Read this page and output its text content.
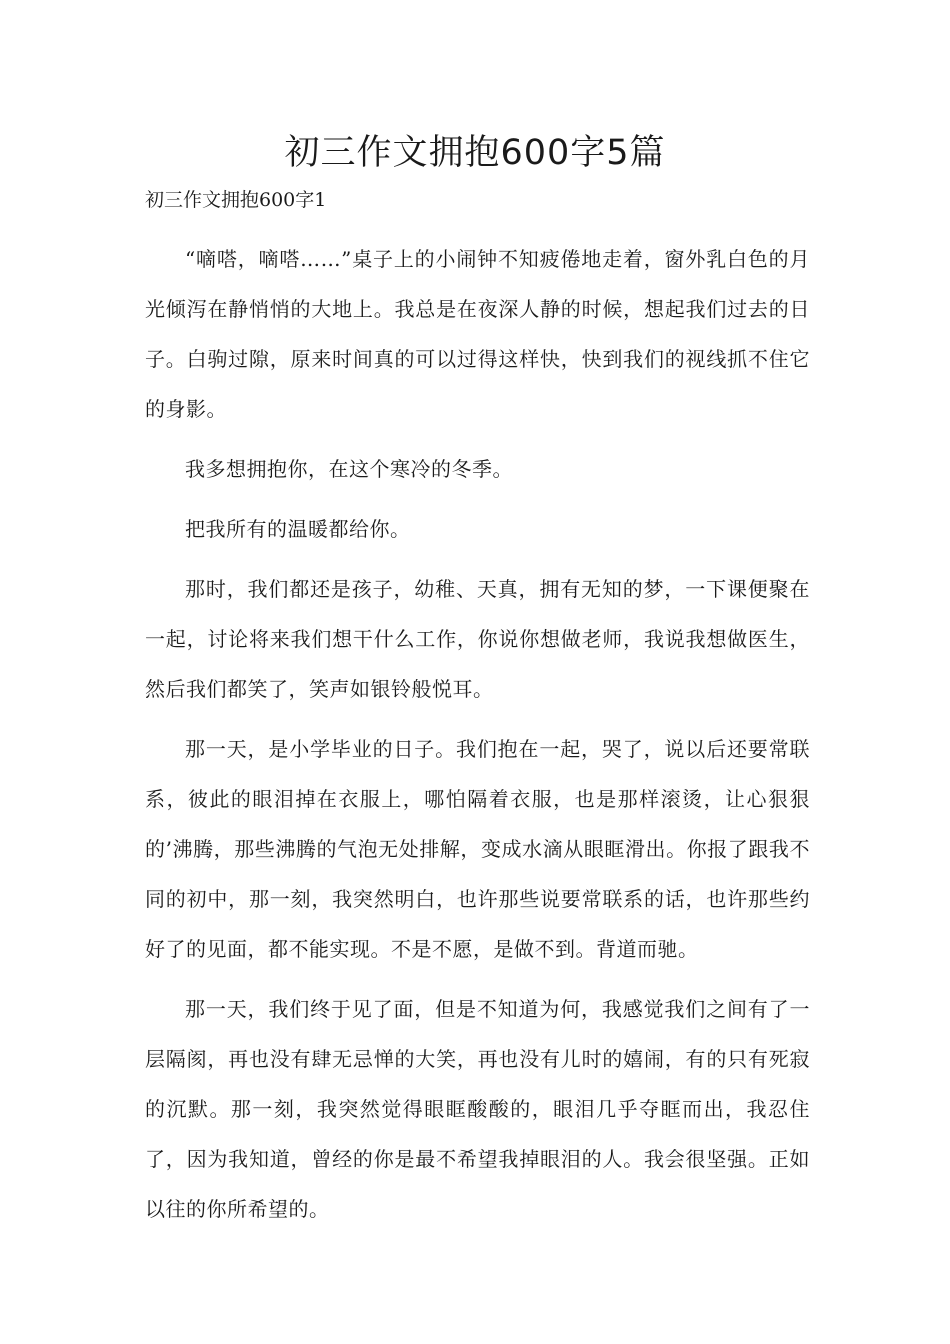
初三作文拥抱600字5篇
初三作文拥抱600字1

“嘀嗒，嘀嗒……”桌子上的小闹钟不知疲倦地走着，窗外乳白色的月光倾泻在静悄悄的大地上。我总是在夜深人静的时候，想起我们过去的日子。白驹过隙，原来时间真的可以过得这样快，快到我们的视线抓不住它的身影。

我多想拥抱你，在这个寒冷的冬季。

把我所有的温暖都给你。

那时，我们都还是孩子，幼稚、天真，拥有无知的梦，一下课便聚在一起，讨论将来我们想干什么工作，你说你想做老师，我说我想做医生，然后我们都笑了，笑声如银铃般悦耳。

那一天，是小学毕业的日子。我们抱在一起，哭了，说以后还要常联系，彼此的眼泪掉在衣服上，哪怕隔着衣服，也是那样滚烫，让心狠狠的’沸腾，那些沸腾的气泡无处排解，变成水滴从眼眶滑出。你报了跟我不同的初中，那一刻，我突然明白，也许那些说要常联系的话，也许那些约好了的见面，都不能实现。不是不愿，是做不到。背道而驰。

那一天，我们终于见了面，但是不知道为何，我感觉我们之间有了一层隔阂，再也没有肆无忌惮的大笑，再也没有儿时的嬉闹，有的只有死寂的沉默。那一刻，我突然觉得眼眶酸酸的，眼泪几乎夺眶而出，我忍住了，因为我知道，曾经的你是最不希望我掉眼泪的人。我会很坚强。正如以往的你所希望的。
